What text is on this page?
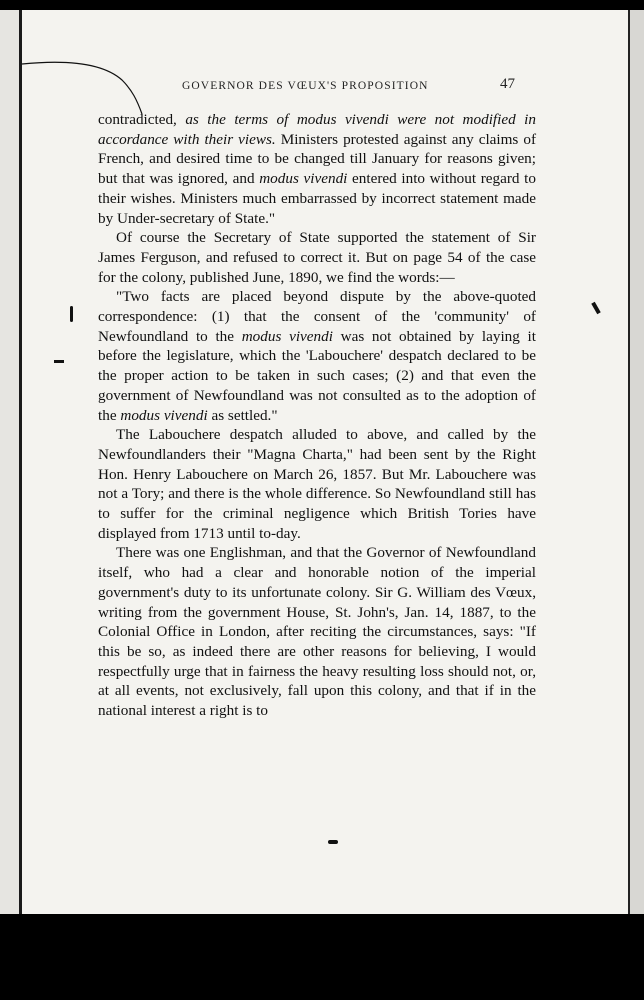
GOVERNOR DES VŒUX'S PROPOSITION	47

contradicted, as the terms of modus vivendi were not modified in accordance with their views. Ministers protested against any claims of French, and desired time to be changed till January for reasons given; but that was ignored, and modus vivendi entered into without regard to their wishes. Ministers much embarrassed by incorrect statement made by Under-secretary of State."

Of course the Secretary of State supported the statement of Sir James Ferguson, and refused to correct it. But on page 54 of the case for the colony, published June, 1890, we find the words:—

"Two facts are placed beyond dispute by the above-quoted correspondence: (1) that the consent of the 'community' of Newfoundland to the modus vivendi was not obtained by laying it before the legislature, which the 'Labouchere' despatch declared to be the proper action to be taken in such cases; (2) and that even the government of Newfoundland was not consulted as to the adoption of the modus vivendi as settled."

The Labouchere despatch alluded to above, and called by the Newfoundlanders their "Magna Charta," had been sent by the Right Hon. Henry Labouchere on March 26, 1857. But Mr. Labouchere was not a Tory; and there is the whole difference. So Newfoundland still has to suffer for the criminal negligence which British Tories have displayed from 1713 until to-day.

There was one Englishman, and that the Governor of Newfoundland itself, who had a clear and honorable notion of the imperial government's duty to its unfortunate colony. Sir G. William des Vœux, writing from the government House, St. John's, Jan. 14, 1887, to the Colonial Office in London, after reciting the circumstances, says: "If this be so, as indeed there are other reasons for believing, I would respectfully urge that in fairness the heavy resulting loss should not, or, at all events, not exclusively, fall upon this colony, and that if in the national interest a right is to
